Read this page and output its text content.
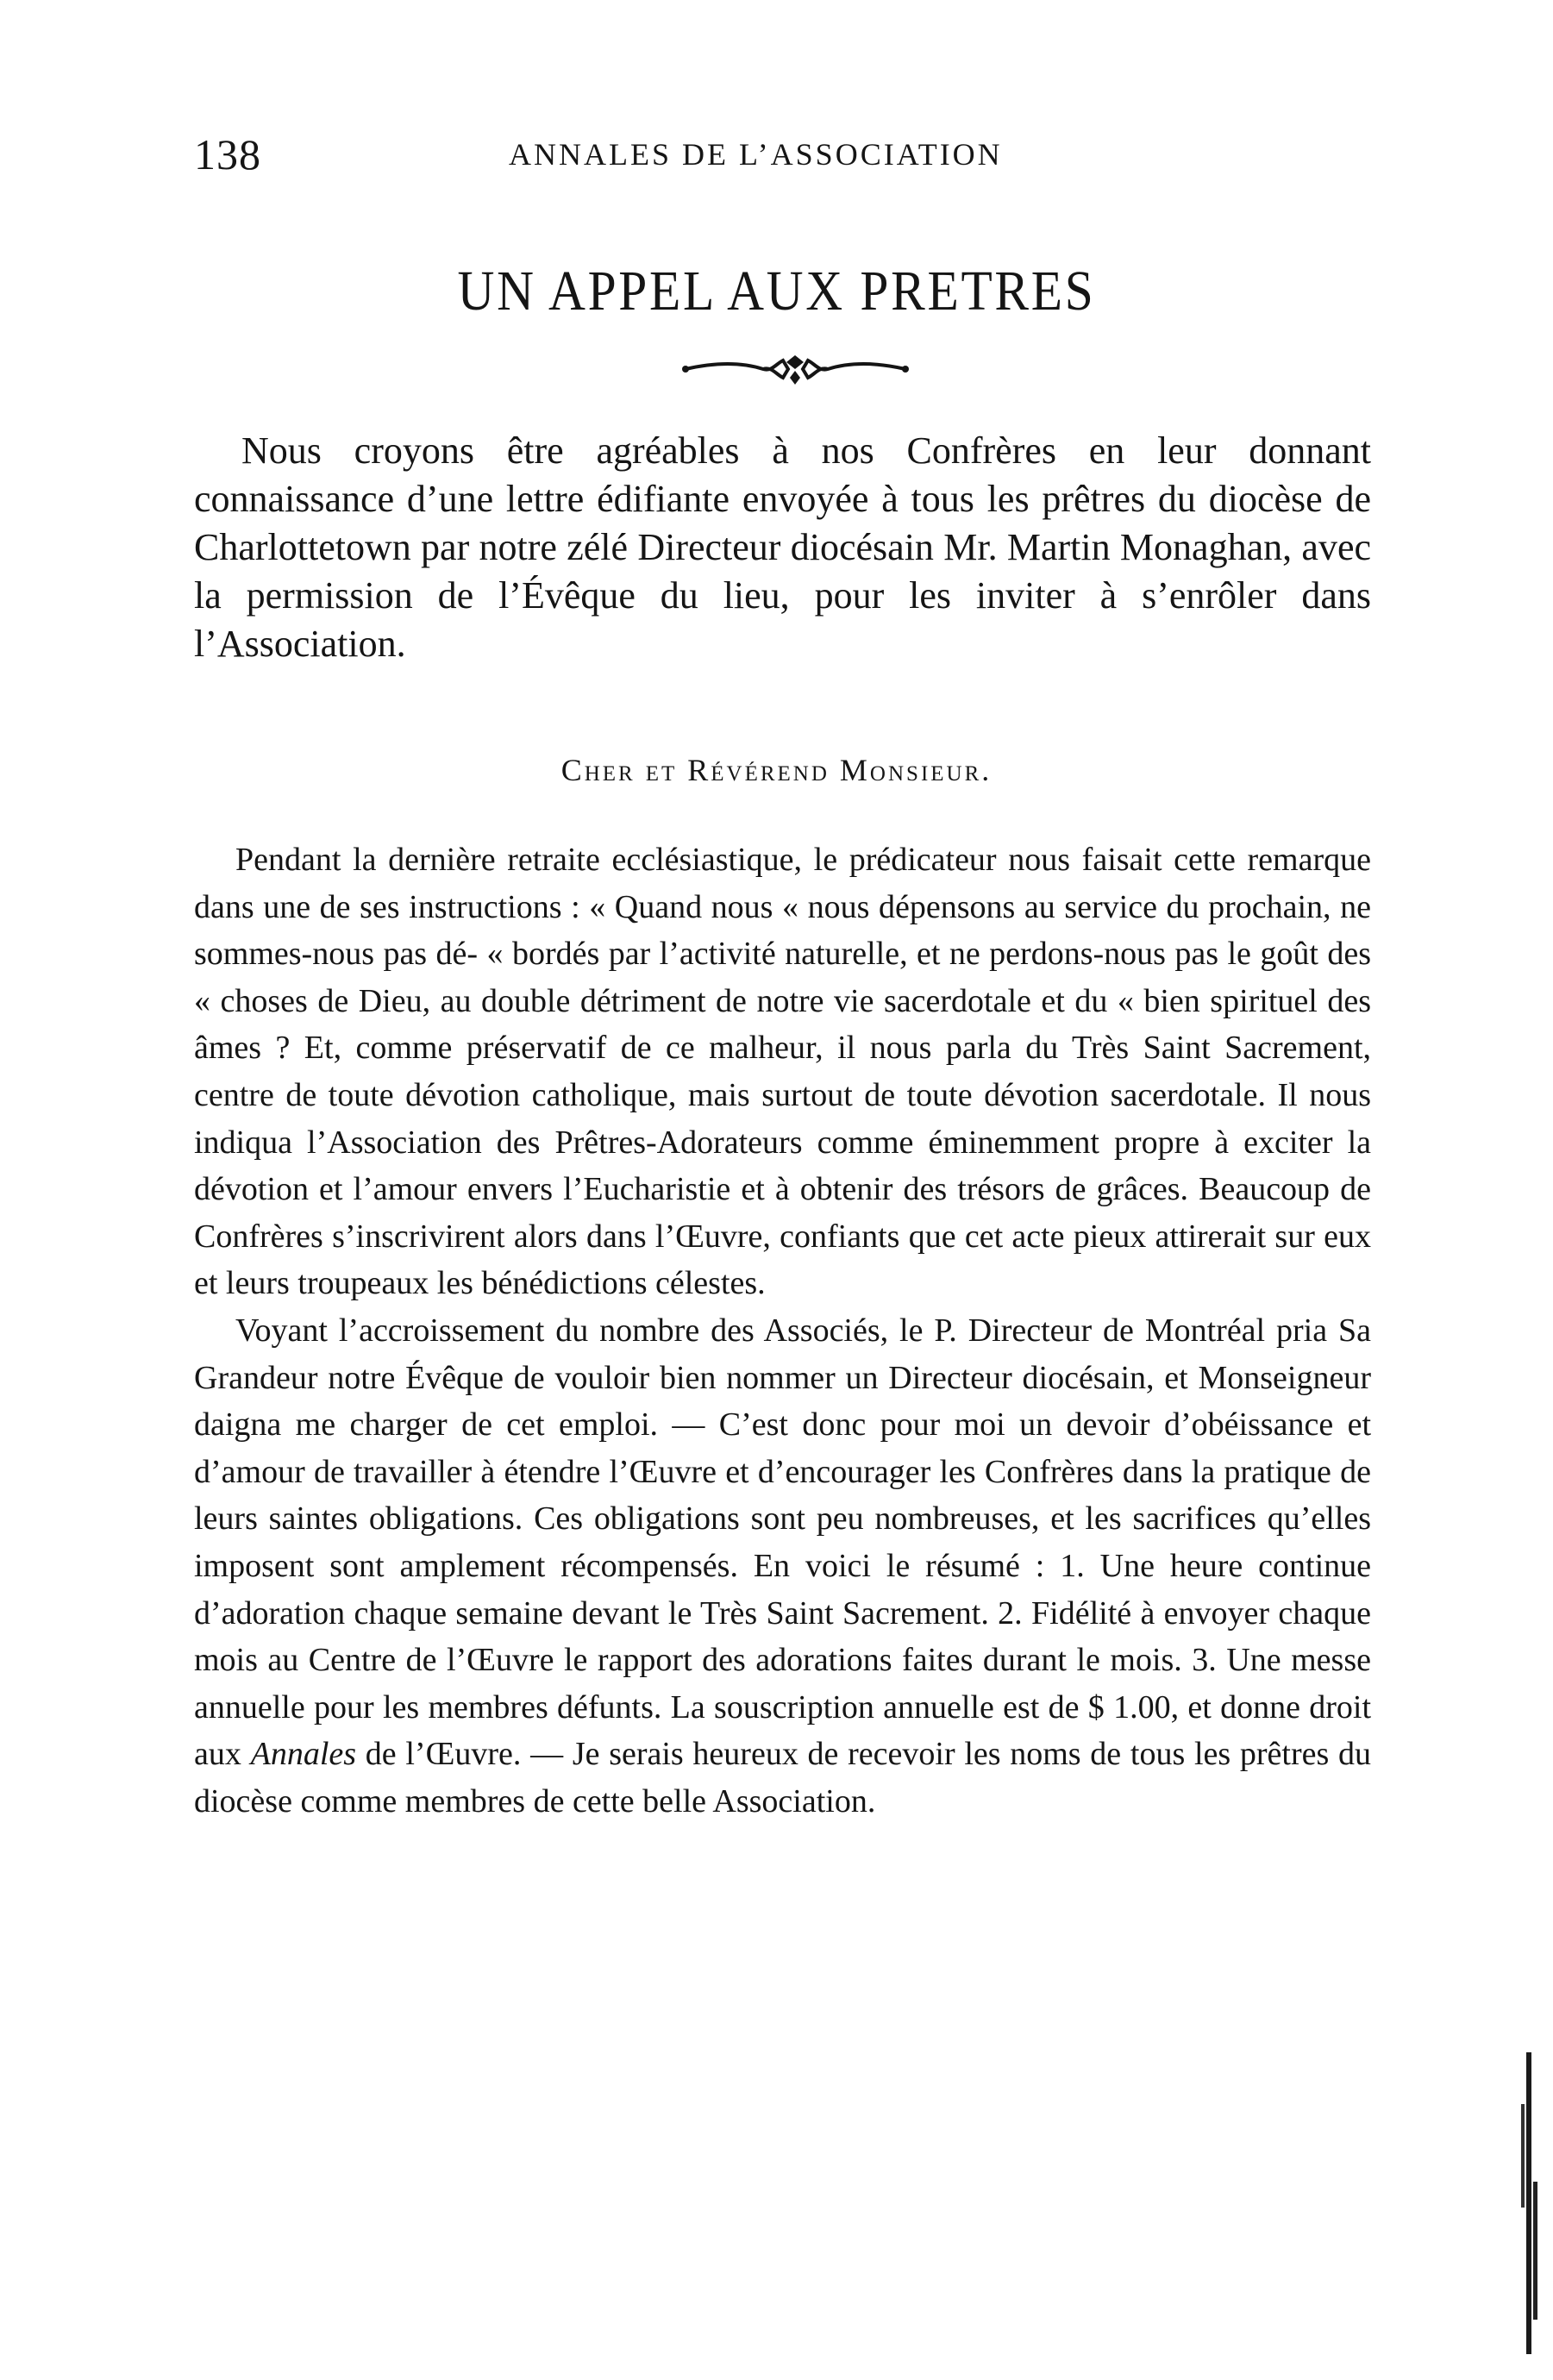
138	ANNALES DE L’ASSOCIATION
UN APPEL AUX PRETRES

Nous croyons être agréables à nos Confrères en leur donnant connaissance d’une lettre édifiante envoyée à tous les prêtres du diocèse de Charlottetown par notre zélé Directeur diocésain Mr. Martin Monaghan, avec la permission de l’Évêque du lieu, pour les inviter à s’enrôler dans l’Association.

Cher et Révérend Monsieur.

Pendant la dernière retraite ecclésiastique, le prédicateur nous faisait cette remarque dans une de ses instructions : « Quand nous « nous dépensons au service du prochain, ne sommes-nous pas dé- « bordés par l’activité naturelle, et ne perdons-nous pas le goût des « choses de Dieu, au double détriment de notre vie sacerdotale et du « bien spirituel des âmes ? Et, comme préservatif de ce malheur, il nous parla du Très Saint Sacrement, centre de toute dévotion catholique, mais surtout de toute dévotion sacerdotale. Il nous indiqua l’Association des Prêtres-Adorateurs comme éminemment propre à exciter la dévotion et l’amour envers l’Eucharistie et à obtenir des trésors de grâces. Beaucoup de Confrères s’inscrivirent alors dans l’Œuvre, confiants que cet acte pieux attirerait sur eux et leurs troupeaux les bénédictions célestes.

Voyant l’accroissement du nombre des Associés, le P. Directeur de Montréal pria Sa Grandeur notre Évêque de vouloir bien nommer un Directeur diocésain, et Monseigneur daigna me charger de cet emploi. — C’est donc pour moi un devoir d’obéissance et d’amour de travailler à étendre l’Œuvre et d’encourager les Confrères dans la pratique de leurs saintes obligations. Ces obligations sont peu nombreuses, et les sacrifices qu’elles imposent sont amplement récompensés. En voici le résumé : 1. Une heure continue d’adoration chaque semaine devant le Très Saint Sacrement. 2. Fidélité à envoyer chaque mois au Centre de l’Œuvre le rapport des adorations faites durant le mois. 3. Une messe annuelle pour les membres défunts. La souscription annuelle est de $ 1.00, et donne droit aux Annales de l’Œuvre. — Je serais heureux de recevoir les noms de tous les prêtres du diocèse comme membres de cette belle Association.
